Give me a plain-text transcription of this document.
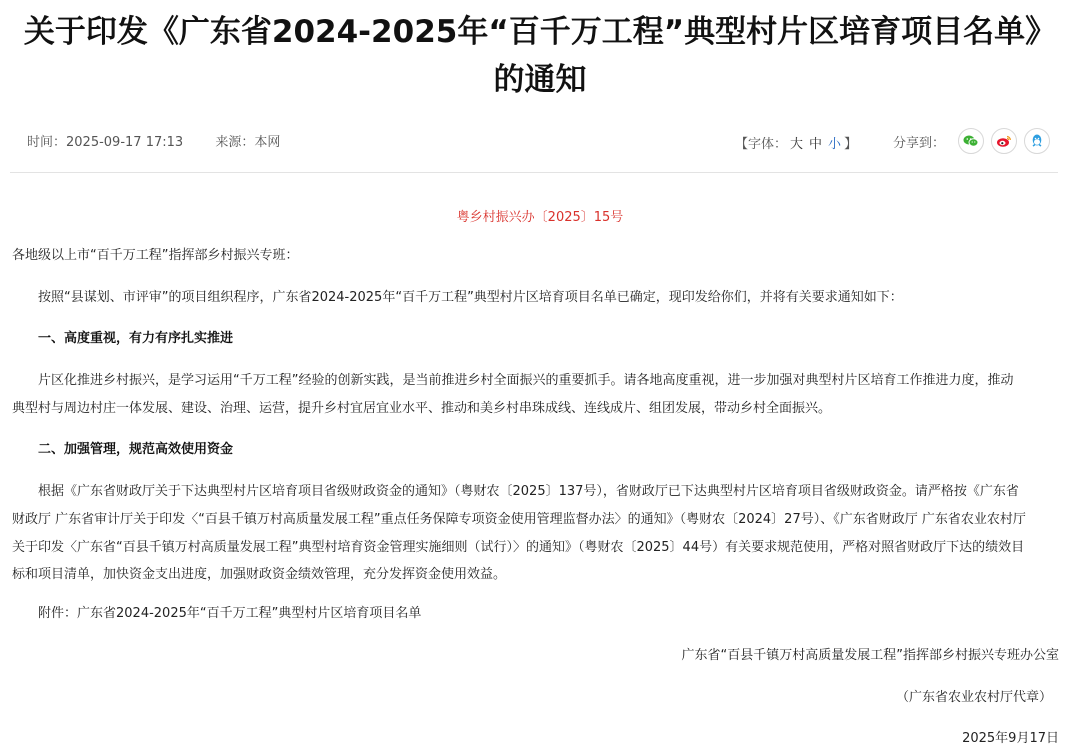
关于印发《广东省2024-2025年“百千万工程”典型村片区培育项目名单》
的通知
时间：2025-09-17 17:13 来源：本网	【字体： 大 中 小 】	分享到：
粤乡村振兴办〔2025〕15号

各地级以上市“百千万工程”指挥部乡村振兴专班：

按照“县谋划、市评审”的项目组织程序，广东省2024-2025年“百千万工程”典型村片区培育项目名单已确定，现印发给你们，并将有关要求通知如下：

一、高度重视，有力有序扎实推进

片区化推进乡村振兴，是学习运用“千万工程”经验的创新实践，是当前推进乡村全面振兴的重要抓手。请各地高度重视，进一步加强对典型村片区培育工作推进力度，推动

典型村与周边村庄一体发展、建设、治理、运营，提升乡村宜居宜业水平、推动和美乡村串珠成线、连线成片、组团发展，带动乡村全面振兴。

二、加强管理，规范高效使用资金

根据《广东省财政厅关于下达典型村片区培育项目省级财政资金的通知》（粤财农〔2025〕137号），省财政厅已下达典型村片区培育项目省级财政资金。请严格按《广东省

财政厅 广东省审计厅关于印发〈“百县千镇万村高质量发展工程”重点任务保障专项资金使用管理监督办法〉的通知》（粤财农〔2024〕27号）、《广东省财政厅 广东省农业农村厅

关于印发〈广东省“百县千镇万村高质量发展工程”典型村培育资金管理实施细则（试行）〉的通知》（粤财农〔2025〕44号）有关要求规范使用，严格对照省财政厅下达的绩效目

标和项目清单，加快资金支出进度，加强财政资金绩效管理，充分发挥资金使用效益。

附件：广东省2024-2025年“百千万工程”典型村片区培育项目名单

广东省“百县千镇万村高质量发展工程”指挥部乡村振兴专班办公室

（广东省农业农村厅代章）

2025年9月17日
